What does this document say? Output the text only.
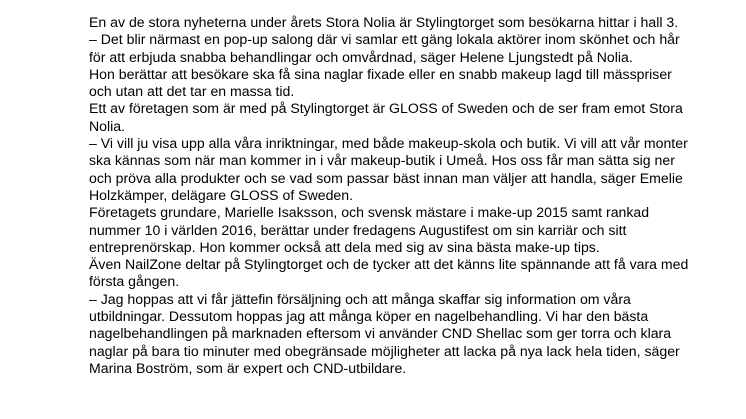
En av de stora nyheterna under årets Stora Nolia är Stylingtorget som besökarna hittar i hall 3.

– Det blir närmast en pop-up salong där vi samlar ett gäng lokala aktörer inom skönhet och hår för att erbjuda snabba behandlingar och omvårdnad, säger Helene Ljungstedt på Nolia.

Hon berättar att besökare ska få sina naglar fixade eller en snabb makeup lagd till mässpriser och utan att det tar en massa tid.

Ett av företagen som är med på Stylingtorget är GLOSS of Sweden och de ser fram emot Stora Nolia.

– Vi vill ju visa upp alla våra inriktningar, med både makeup-skola och butik. Vi vill att vår monter ska kännas som när man kommer in i vår makeup-butik i Umeå. Hos oss får man sätta sig ner och pröva alla produkter och se vad som passar bäst innan man väljer att handla, säger Emelie Holzkämper, delägare GLOSS of Sweden.

Företagets grundare, Marielle Isaksson, och svensk mästare i make-up 2015 samt rankad nummer 10 i världen 2016, berättar under fredagens Augustifest om sin karriär och sitt entreprenörskap. Hon kommer också att dela med sig av sina bästa make-up tips.

Även NailZone deltar på Stylingtorget och de tycker att det känns lite spännande att få vara med första gången.

– Jag hoppas att vi får jättefin försäljning och att många skaffar sig information om våra utbildningar. Dessutom hoppas jag att många köper en nagelbehandling. Vi har den bästa nagelbehandlingen på marknaden eftersom vi använder CND Shellac som ger torra och klara naglar på bara tio minuter med obegränsade möjligheter att lacka på nya lack hela tiden, säger Marina Boström, som är expert och CND-utbildare.
